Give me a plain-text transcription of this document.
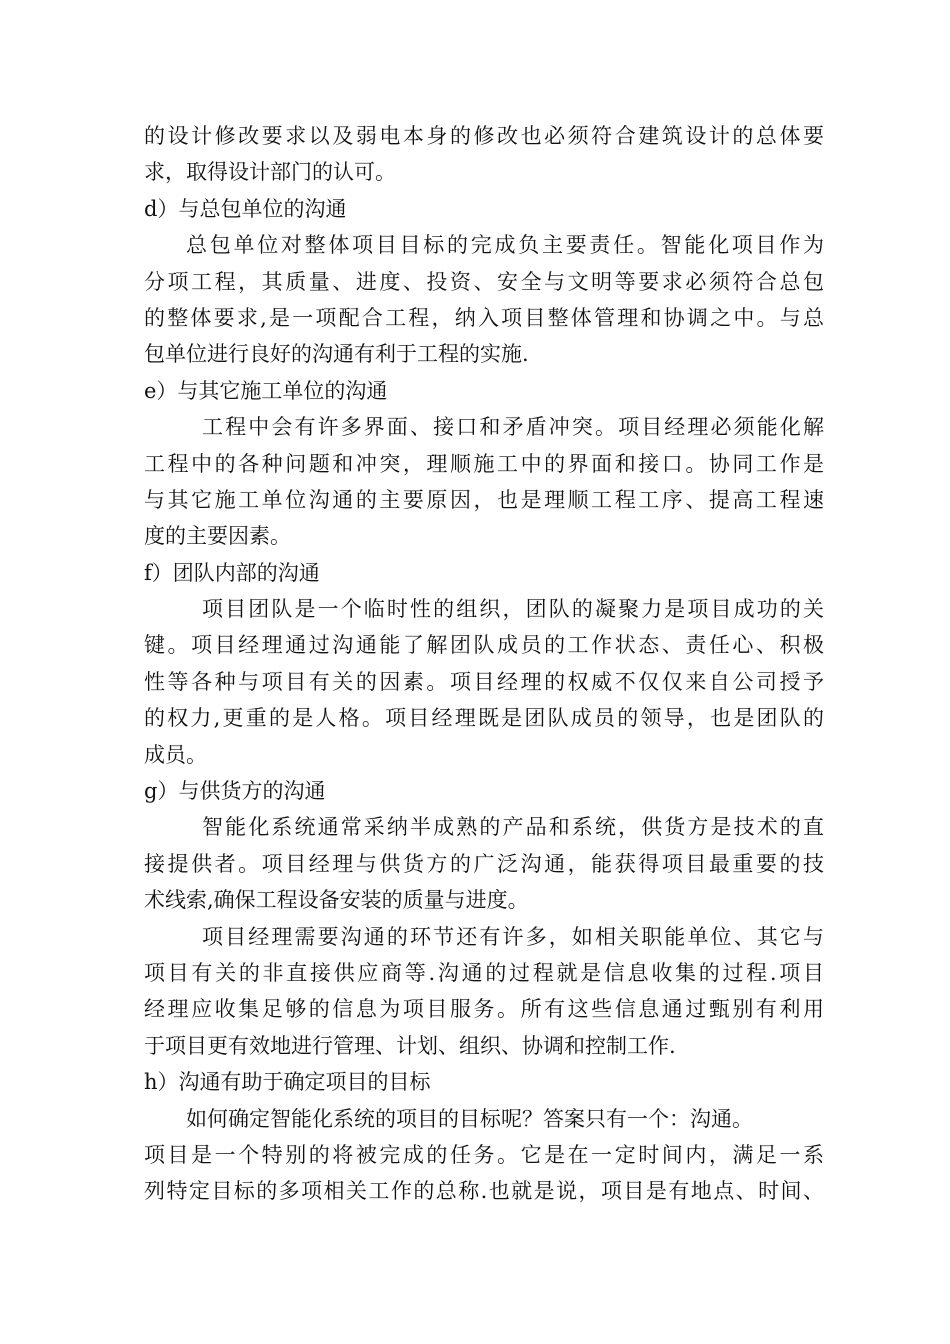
的设计修改要求以及弱电本身的修改也必须符合建筑设计的总体要
求，取得设计部门的认可。
d）与总包单位的沟通
总包单位对整体项目目标的完成负主要责任。智能化项目作为
分项工程，其质量、进度、投资、安全与文明等要求必须符合总包
的整体要求,是一项配合工程，纳入项目整体管理和协调之中。与总
包单位进行良好的沟通有利于工程的实施.
e）与其它施工单位的沟通
工程中会有许多界面、接口和矛盾冲突。项目经理必须能化解
工程中的各种问题和冲突，理顺施工中的界面和接口。协同工作是
与其它施工单位沟通的主要原因，也是理顺工程工序、提高工程速
度的主要因素。
f）团队内部的沟通
项目团队是一个临时性的组织，团队的凝聚力是项目成功的关
键。项目经理通过沟通能了解团队成员的工作状态、责任心、积极
性等各种与项目有关的因素。项目经理的权威不仅仅来自公司授予
的权力,更重的是人格。项目经理既是团队成员的领导，也是团队的
成员。
g）与供货方的沟通
智能化系统通常采纳半成熟的产品和系统，供货方是技术的直
接提供者。项目经理与供货方的广泛沟通，能获得项目最重要的技
术线索,确保工程设备安装的质量与进度。
项目经理需要沟通的环节还有许多，如相关职能单位、其它与
项目有关的非直接供应商等.沟通的过程就是信息收集的过程.项目
经理应收集足够的信息为项目服务。所有这些信息通过甄别有利用
于项目更有效地进行管理、计划、组织、协调和控制工作.
h）沟通有助于确定项目的目标
如何确定智能化系统的项目的目标呢？答案只有一个：沟通。
项目是一个特别的将被完成的任务。它是在一定时间内，满足一系
列特定目标的多项相关工作的总称.也就是说，项目是有地点、时间、
